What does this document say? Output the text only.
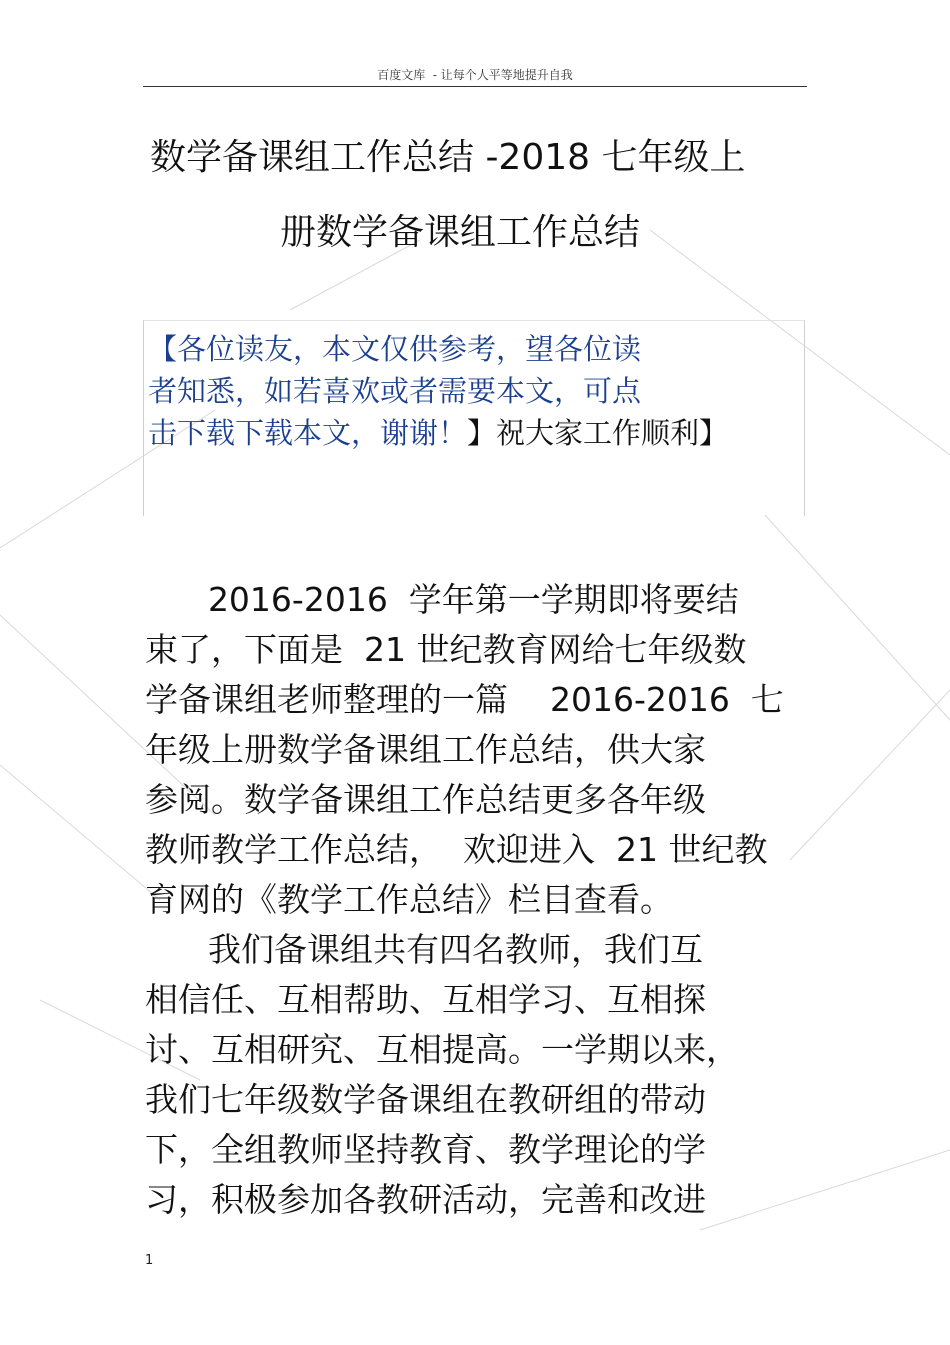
百度文库  - 让每个人平等地提升自我
数学备课组工作总结 -2018 七年级上
册数学备课组工作总结
【各位读友，本文仅供参考，望各位读
者知悉，如若喜欢或者需要本文，可点
击下载下载本文，谢谢！】祝大家工作顺利】
2016-2016  学年第一学期即将要结
束了，下面是  21 世纪教育网给七年级数
学备课组老师整理的一篇    2016-2016  七
年级上册数学备课组工作总结，供大家
参阅。数学备课组工作总结更多各年级
教师教学工作总结，  欢迎进入  21 世纪教
育网的《教学工作总结》栏目查看。
我们备课组共有四名教师，我们互
相信任、互相帮助、互相学习、互相探
讨、互相研究、互相提高。一学期以来，
我们七年级数学备课组在教研组的带动
下，全组教师坚持教育、教学理论的学
习，积极参加各教研活动，完善和改进
1
